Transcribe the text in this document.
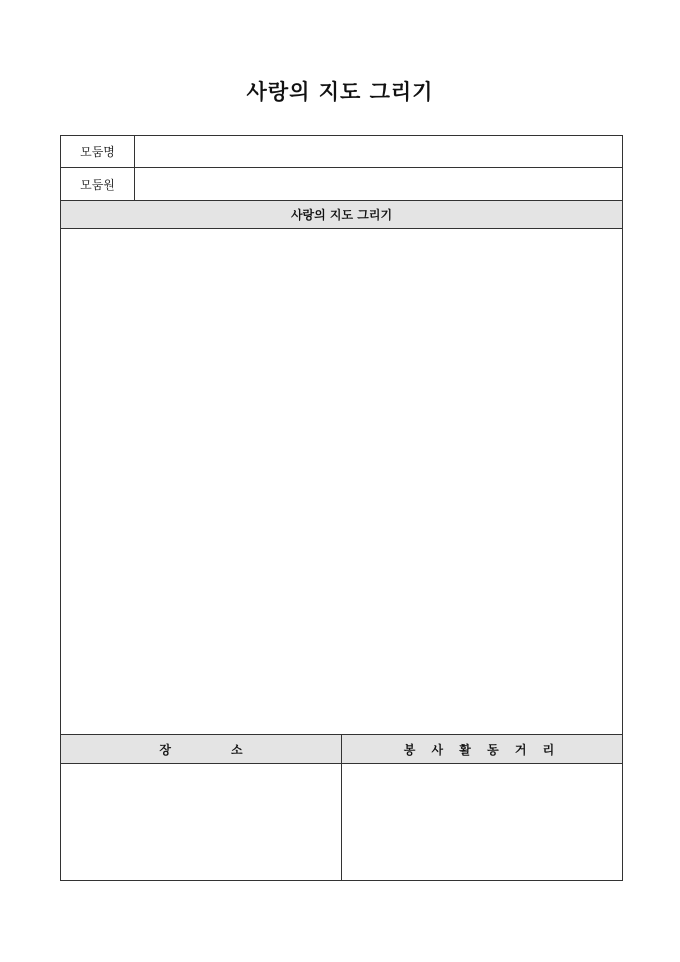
사랑의 지도 그리기
모둠명		
모둠원		
사랑의 지도 그리기		

장 소		봉 사 활 동 거 리
